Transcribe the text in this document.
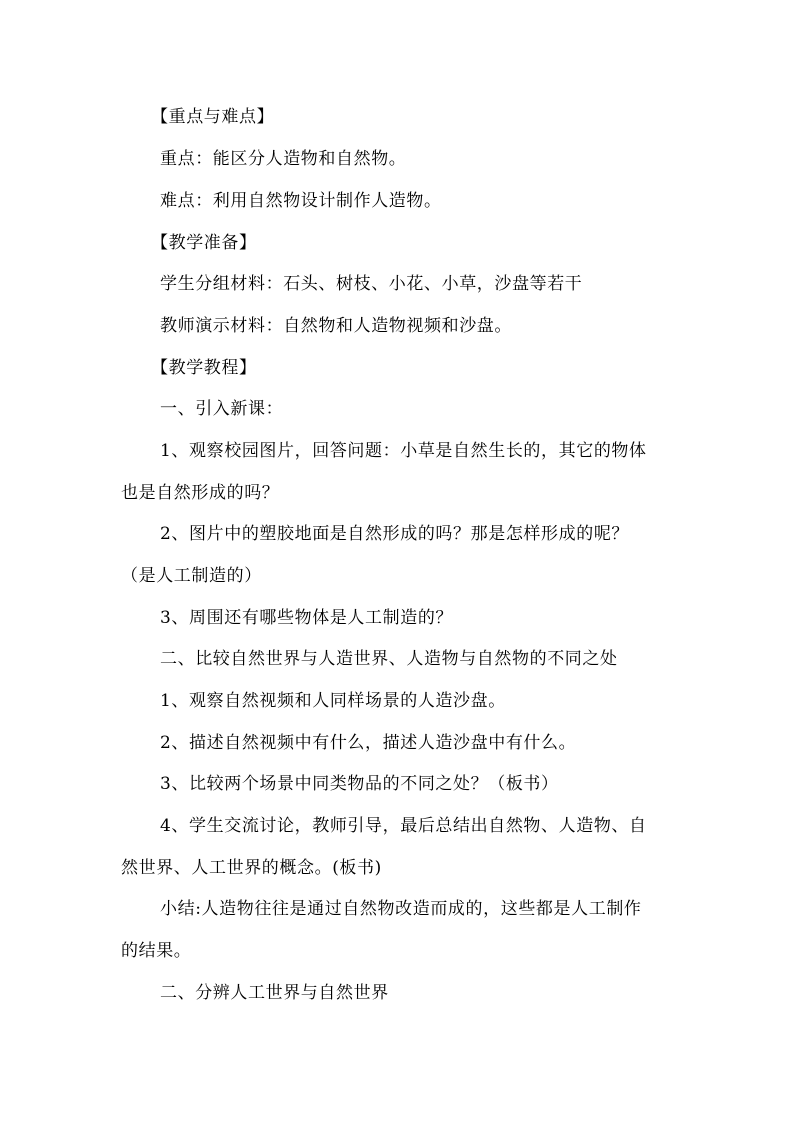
【重点与难点】
重点：能区分人造物和自然物。
难点：利用自然物设计制作人造物。
【教学准备】
学生分组材料：石头、树枝、小花、小草，沙盘等若干
教师演示材料：自然物和人造物视频和沙盘。
【教学教程】
一、引入新课：
1、观察校园图片，回答问题：小草是自然生长的，其它的物体
也是自然形成的吗？
2、图片中的塑胶地面是自然形成的吗？那是怎样形成的呢？
（是人工制造的）
3、周围还有哪些物体是人工制造的？
二、比较自然世界与人造世界、人造物与自然物的不同之处
1、观察自然视频和人同样场景的人造沙盘。
2、描述自然视频中有什么，描述人造沙盘中有什么。
3、比较两个场景中同类物品的不同之处？（板书）
4、学生交流讨论，教师引导，最后总结出自然物、人造物、自
然世界、人工世界的概念。(板书)
小结:人造物往往是通过自然物改造而成的，这些都是人工制作
的结果。
二、分辨人工世界与自然世界
